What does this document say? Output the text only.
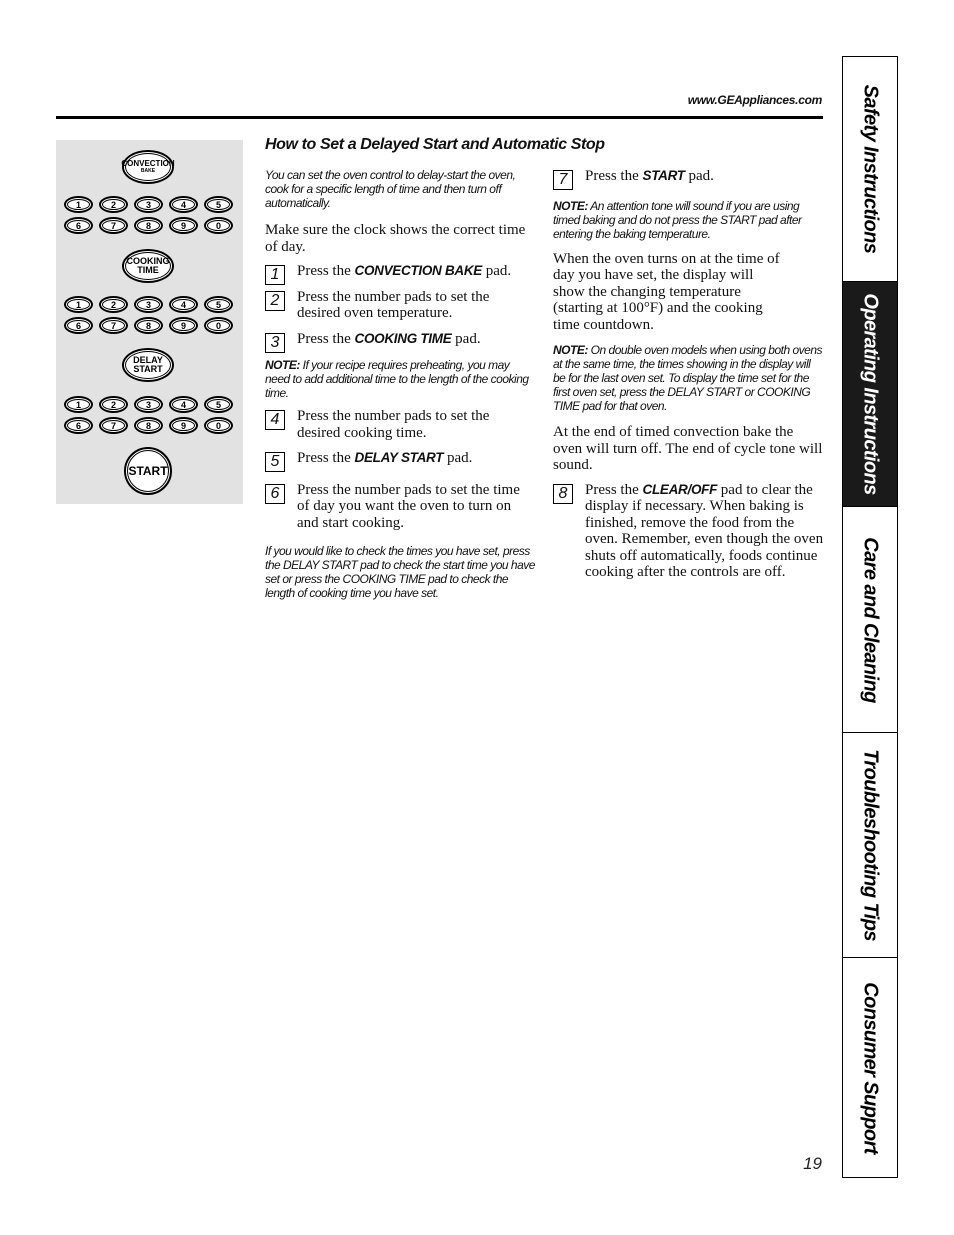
www.GEAppliances.com
CONVECTION
BAKE
1	2	3	4	5
6	7	8	9	0
COOKING
TIME
1	2	3	4	5
6	7	8	9	0
DELAY
START
1	2	3	4	5
6	7	8	9	0
START
How to Set a Delayed Start and Automatic Stop

You can set the oven control to delay-start the oven, cook for a specific length of time and then turn off automatically.

Make sure the clock shows the correct time of day.

1	Press the CONVECTION BAKE pad.

2	Press the number pads to set the desired oven temperature.

3	Press the COOKING TIME pad.

NOTE: If your recipe requires preheating, you may need to add additional time to the length of the cooking time.

4	Press the number pads to set the desired cooking time.

5	Press the DELAY START pad.

6	Press the number pads to set the time of day you want the oven to turn on and start cooking.

If you would like to check the times you have set, press the DELAY START pad to check the start time you have set or press the COOKING TIME pad to check the length of cooking time you have set.

7	Press the START pad.

NOTE: An attention tone will sound if you are using timed baking and do not press the START pad after entering the baking temperature.

When the oven turns on at the time of day you have set, the display will show the changing temperature (starting at 100°F) and the cooking time countdown.

NOTE: On double oven models when using both ovens at the same time, the times showing in the display will be for the last oven set. To display the time set for the first oven set, press the DELAY START or COOKING TIME pad for that oven.

At the end of timed convection bake the oven will turn off. The end of cycle tone will sound.

8	Press the CLEAR/OFF pad to clear the display if necessary. When baking is finished, remove the food from the oven. Remember, even though the oven shuts off automatically, foods continue cooking after the controls are off.

Safety Instructions
Operating Instructions
Care and Cleaning
Troubleshooting Tips
Consumer Support
19
